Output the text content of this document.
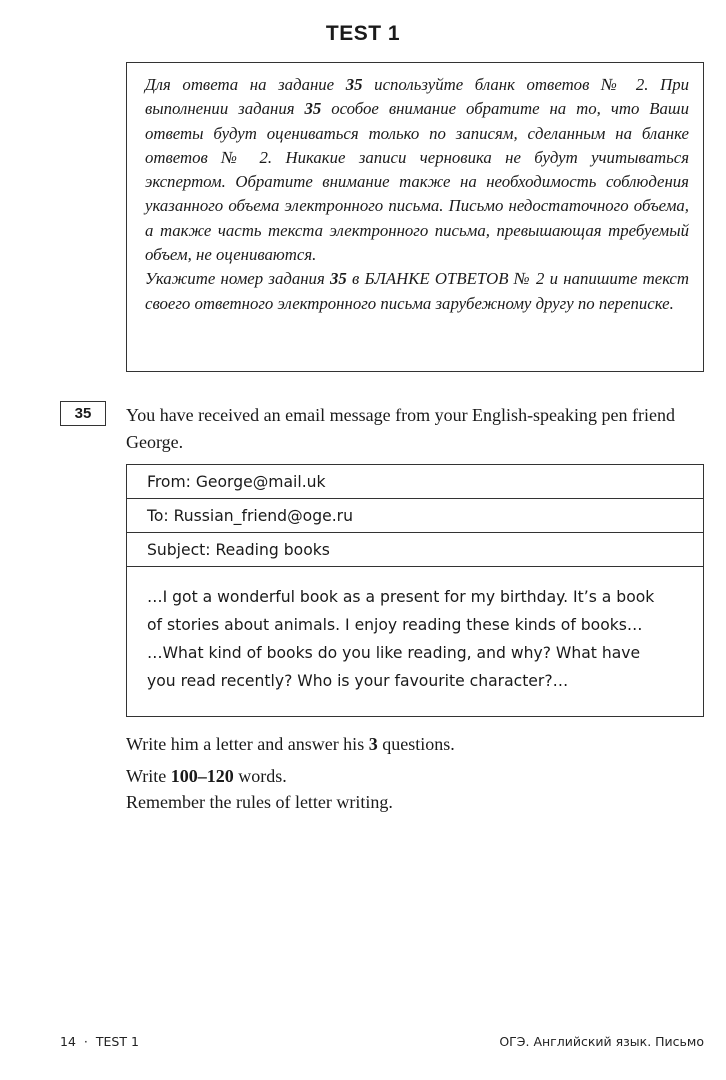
TEST 1

Для ответа на задание 35 используйте бланк ответов № 2. При выполнении задания 35 особое внимание обратите на то, что Ваши ответы будут оцениваться только по записям, сделанным на бланке ответов № 2. Никакие записи черновика не будут учитываться экспертом. Обратите внимание также на необходимость соблюдения указанного объема электронного письма. Письмо недостаточного объема, а также часть текста электронного письма, превышающая требуемый объем, не оцениваются.

Укажите номер задания 35 в БЛАНКЕ ОТВЕТОВ № 2 и напишите текст своего ответного электронного письма зарубежному другу по переписке.

35	You have received an email message from your English-speaking pen friend George.
From: George@mail.uk
To: Russian_friend@oge.ru
Subject: Reading books
…I got a wonderful book as a present for my birthday. It’s a book
of stories about animals. I enjoy reading these kinds of books…
…What kind of books do you like reading, and why? What have
you read recently? Who is your favourite character?…
Write him a letter and answer his 3 questions.
Write 100–120 words.
Remember the rules of letter writing.
14 · TEST 1	ОГЭ. Английский язык. Письмо
